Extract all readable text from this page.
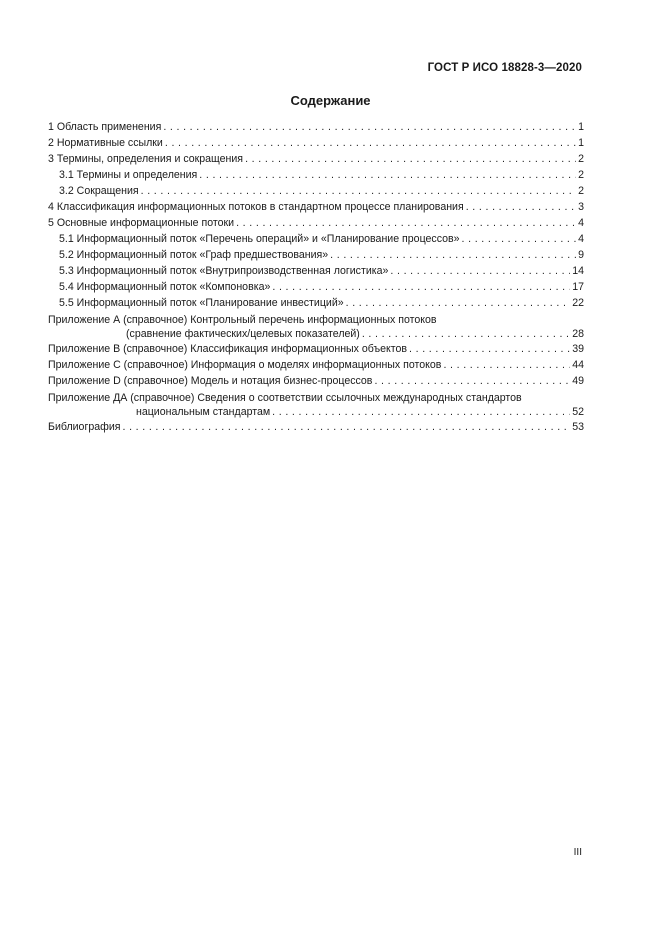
ГОСТ Р ИСО 18828-3—2020
Содержание
1 Область применения . . .	1
2 Нормативные ссылки . . .	1
3 Термины, определения и сокращения . . .	2
3.1 Термины и определения . . .	2
3.2 Сокращения . . .	2
4 Классификация информационных потоков в стандартном процессе планирования . . .	3
5 Основные информационные потоки . . .	4
5.1 Информационный поток «Перечень операций» и «Планирование процессов» . . .	4
5.2 Информационный поток «Граф предшествования» . . .	9
5.3 Информационный поток «Внутрипроизводственная логистика» . . .	14
5.4 Информационный поток «Компоновка» . . .	17
5.5 Информационный поток «Планирование инвестиций» . . .	22
Приложение А (справочное) Контрольный перечень информационных потоков
(сравнение фактических/целевых показателей) . . .	28
Приложение В (справочное) Классификация информационных объектов . . .	39
Приложение С (справочное) Информация о моделях информационных потоков . . .	44
Приложение D (справочное) Модель и нотация бизнес-процессов . . .	49
Приложение ДА (справочное) Сведения о соответствии ссылочных международных стандартов
национальным стандартам . . .	52
Библиография . . .	53
III
